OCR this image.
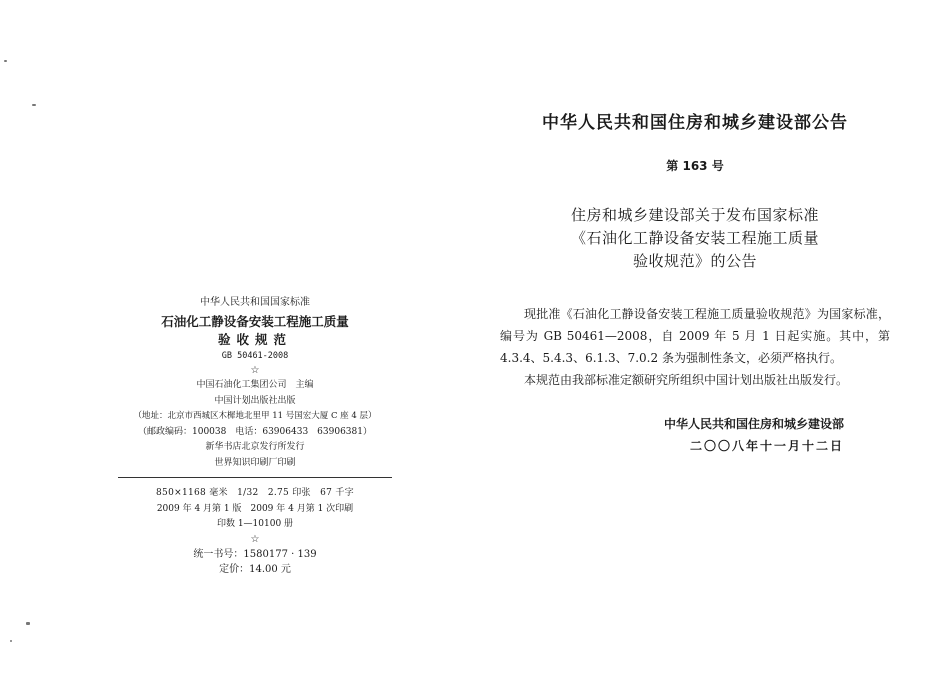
中华人民共和国国家标准
石油化工静设备安装工程施工质量
验收规范
GB 50461-2008
☆
中国石油化工集团公司　主编
中国计划出版社出版
（地址：北京市西城区木樨地北里甲 11 号国宏大厦 C 座 4 层）
（邮政编码：100038　电话：63906433　63906381）
新华书店北京发行所发行
世界知识印刷厂印刷
850×1168 毫米　1/32　2.75 印张　67 千字
2009 年 4 月第 1 版　2009 年 4 月第 1 次印刷
印数 1—10100 册
☆
统一书号：1580177 · 139
定价：14.00 元
中华人民共和国住房和城乡建设部公告
第 163 号
住房和城乡建设部关于发布国家标准
《石油化工静设备安装工程施工质量
验收规范》的公告

现批准《石油化工静设备安装工程施工质量验收规范》为国家标准，编号为 GB 50461—2008，自 2009 年 5 月 1 日起实施。其中，第 4.3.4、5.4.3、6.1.3、7.0.2 条为强制性条文，必须严格执行。

本规范由我部标准定额研究所组织中国计划出版社出版发行。

中华人民共和国住房和城乡建设部
二〇〇八年十一月十二日
